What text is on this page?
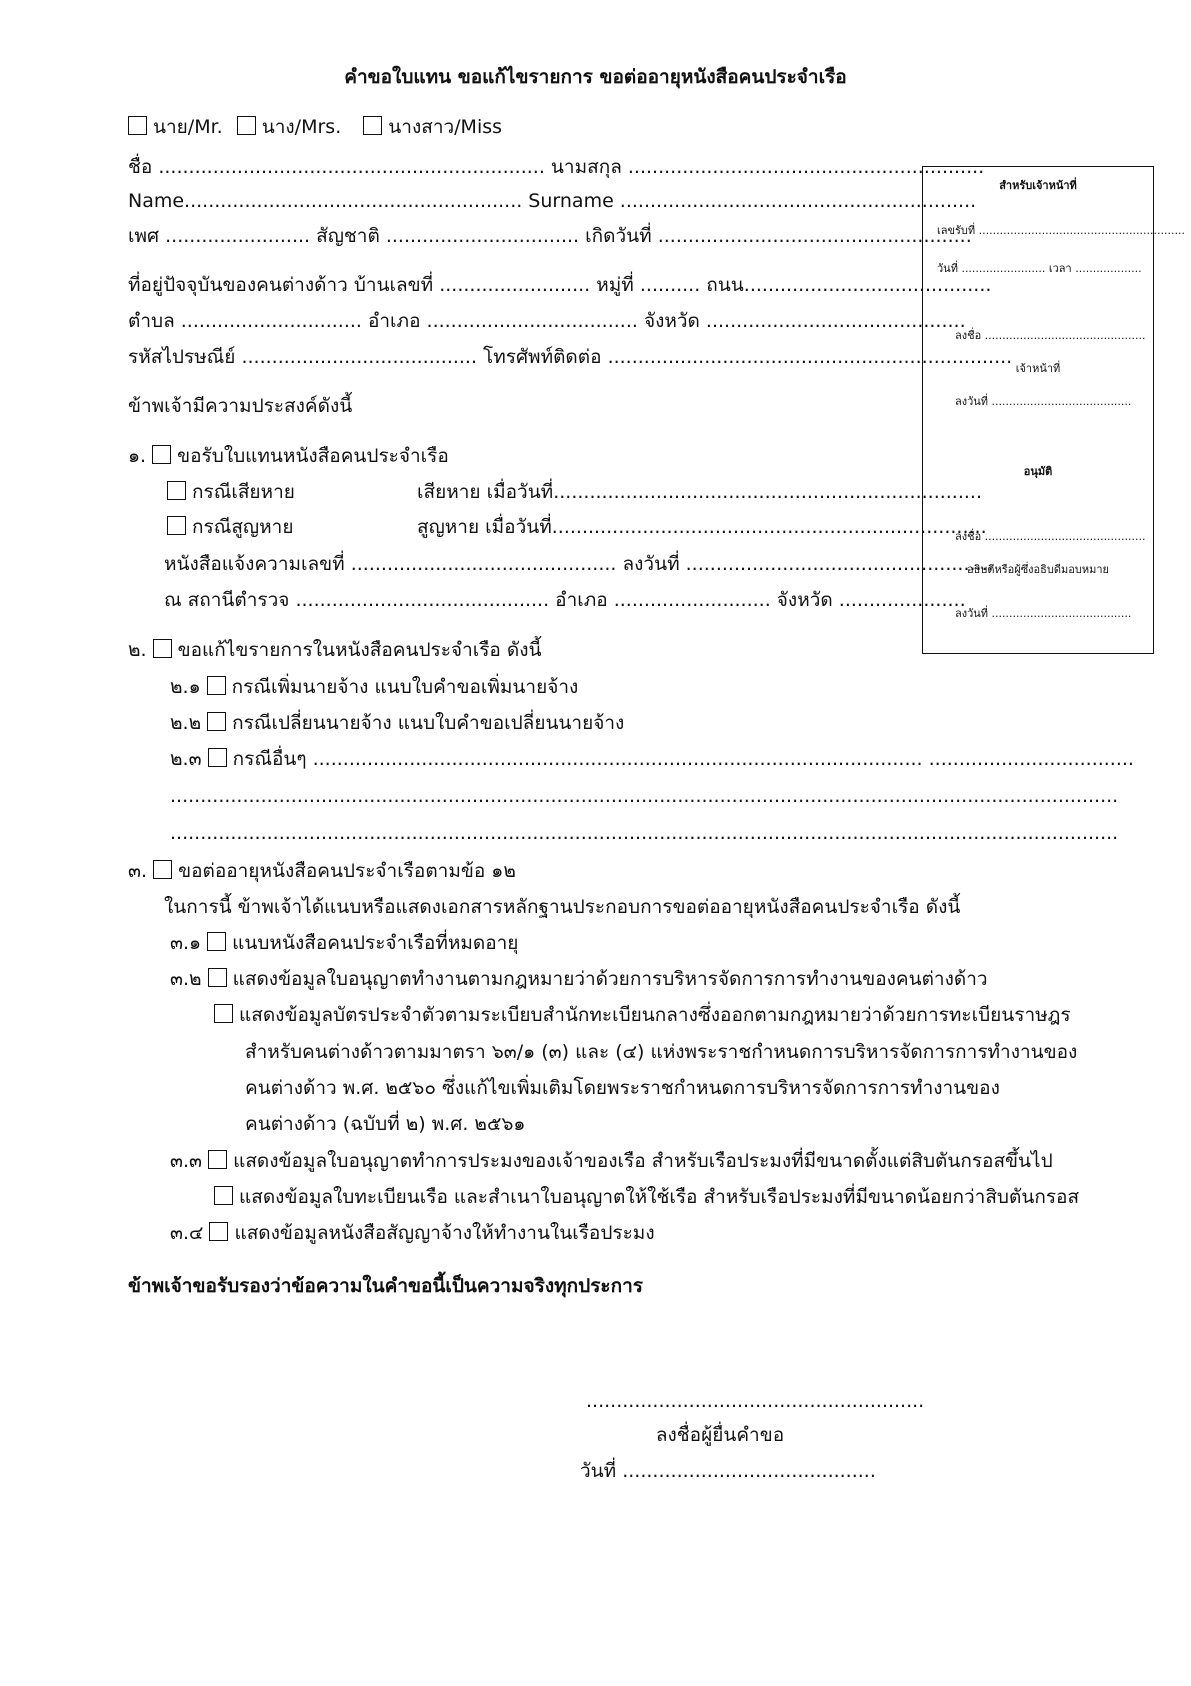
คำขอใบแทน ขอแก้ไขรายการ ขอต่ออายุหนังสือคนประจำเรือ
นาย/Mr. นาง/Mrs. นางสาว/Miss
ชื่อ ................................................................ นามสกุล ...........................................................
Name........................................................ Surname ...........................................................
เพศ ........................ สัญชาติ ................................ เกิดวันที่ ....................................................
ที่อยู่ปัจจุบันของคนต่างด้าว บ้านเลขที่ ......................... หมู่ที่ .......... ถนน.........................................
ตำบล .............................. อำเภอ ................................... จังหวัด ...........................................
รหัสไปรษณีย์ ....................................... โทรศัพท์ติดต่อ ...................................................................
ข้าพเจ้ามีความประสงค์ดังนี้
๑. ขอรับใบแทนหนังสือคนประจำเรือ
กรณีเสียหาย	เสียหาย เมื่อวันที่.......................................................................
กรณีสูญหาย	สูญหาย เมื่อวันที่........................................................................
หนังสือแจ้งความเลขที่ ............................................ ลงวันที่ ...................................................
ณ สถานีตำรวจ .......................................... อำเภอ .......................... จังหวัด .....................
๒. ขอแก้ไขรายการในหนังสือคนประจำเรือ ดังนี้
๒.๑ กรณีเพิ่มนายจ้าง แนบใบคำขอเพิ่มนายจ้าง
๒.๒ กรณีเปลี่ยนนายจ้าง แนบใบคำขอเปลี่ยนนายจ้าง
๒.๓ กรณีอื่นๆ ..................................................................................................... ..................................
.............................................................................................................................................................
.............................................................................................................................................................
๓. ขอต่ออายุหนังสือคนประจำเรือตามข้อ ๑๒
ในการนี้ ข้าพเจ้าได้แนบหรือแสดงเอกสารหลักฐานประกอบการขอต่ออายุหนังสือคนประจำเรือ ดังนี้
๓.๑ แนบหนังสือคนประจำเรือที่หมดอายุ
๓.๒ แสดงข้อมูลใบอนุญาตทำงานตามกฎหมายว่าด้วยการบริหารจัดการการทำงานของคนต่างด้าว
แสดงข้อมูลบัตรประจำตัวตามระเบียบสำนักทะเบียนกลางซึ่งออกตามกฎหมายว่าด้วยการทะเบียนราษฎร
สำหรับคนต่างด้าวตามมาตรา ๖๓/๑ (๓) และ (๔) แห่งพระราชกำหนดการบริหารจัดการการทำงานของ
คนต่างด้าว พ.ศ. ๒๕๖๐ ซึ่งแก้ไขเพิ่มเติมโดยพระราชกำหนดการบริหารจัดการการทำงานของ
คนต่างด้าว (ฉบับที่ ๒) พ.ศ. ๒๕๖๑
๓.๓ แสดงข้อมูลใบอนุญาตทำการประมงของเจ้าของเรือ สำหรับเรือประมงที่มีขนาดตั้งแต่สิบตันกรอสขึ้นไป
แสดงข้อมูลใบทะเบียนเรือ และสำเนาใบอนุญาตให้ใช้เรือ สำหรับเรือประมงที่มีขนาดน้อยกว่าสิบตันกรอส
๓.๔ แสดงข้อมูลหนังสือสัญญาจ้างให้ทำงานในเรือประมง
ข้าพเจ้าขอรับรองว่าข้อความในคำขอนี้เป็นความจริงทุกประการ
........................................................
ลงชื่อผู้ยื่นคำขอ
วันที่ ..........................................
สำหรับเจ้าหน้าที่
เลขรับที่ ...........................................................
วันที่ ........................ เวลา ...................
ลงชื่อ ..............................................
เจ้าหน้าที่
ลงวันที่ ........................................
อนุมัติ
ลงชื่อ ..............................................
อธิบดีหรือผู้ซึ่งอธิบดีมอบหมาย
ลงวันที่ ........................................
